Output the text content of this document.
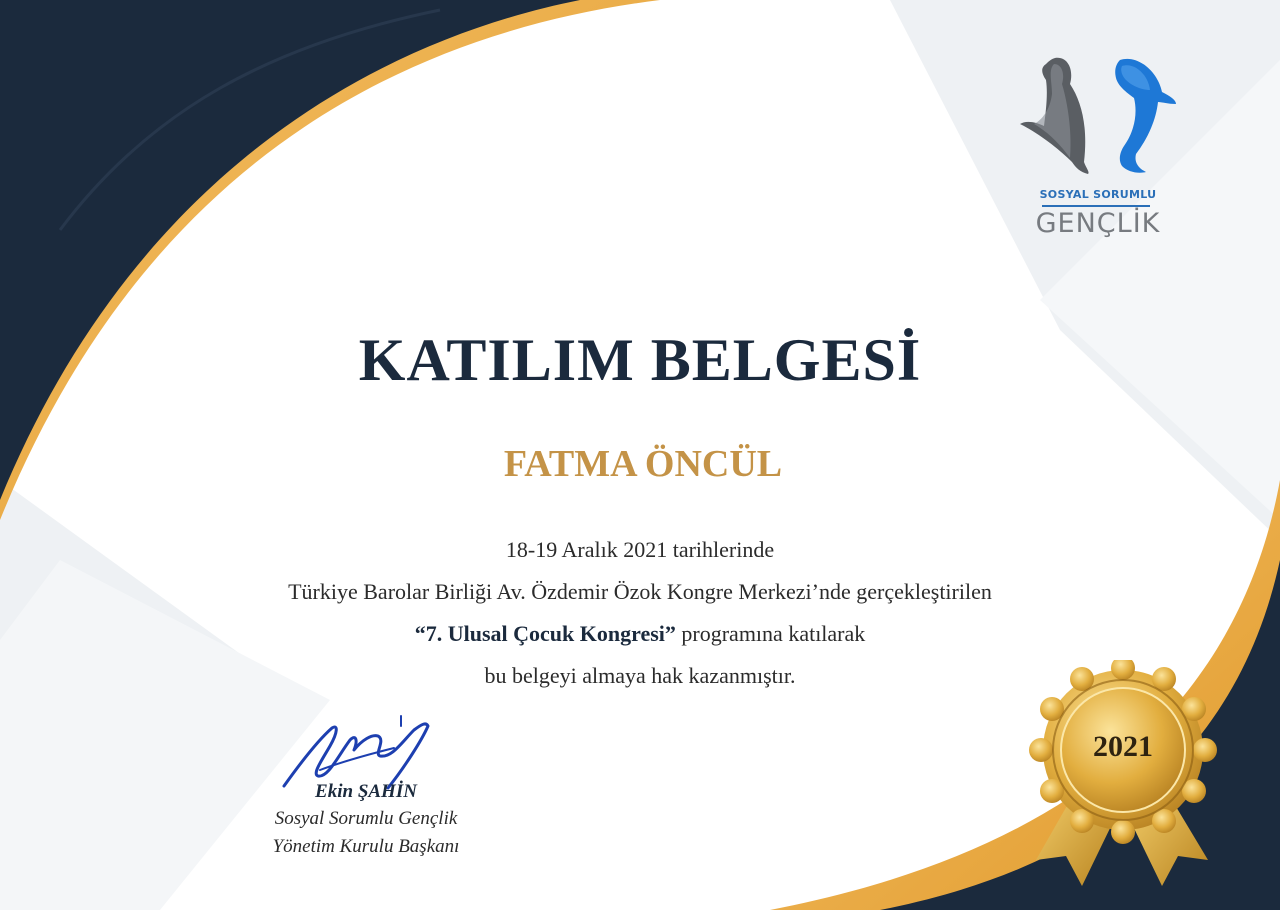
SOSYAL SORUMLU
GENÇLİK
KATILIM BELGESİ
FATMA ÖNCÜL
18-19 Aralık 2021 tarihlerinde
Türkiye Barolar Birliği Av. Özdemir Özok Kongre Merkezi’nde gerçekleştirilen
“7. Ulusal Çocuk Kongresi” programına katılarak
bu belgeyi almaya hak kazanmıştır.
Ekin ŞAHİN
Sosyal Sorumlu Gençlik
Yönetim Kurulu Başkanı
2021
